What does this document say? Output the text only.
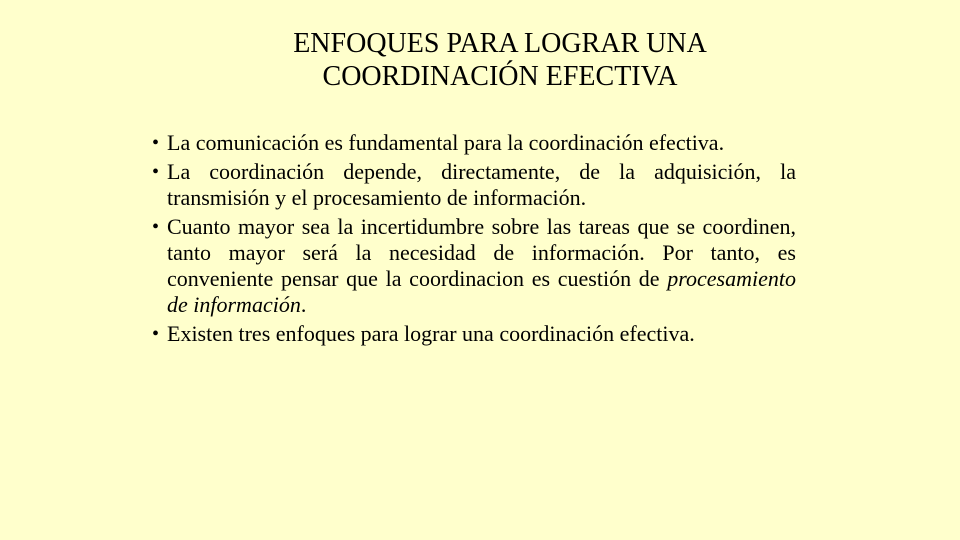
ENFOQUES PARA LOGRAR UNA
COORDINACIÓN EFECTIVA
• La comunicación es fundamental para la coordinación efectiva.
• La coordinación depende, directamente, de la adquisición, la transmisión y el procesamiento de información.
• Cuanto mayor sea la incertidumbre sobre las tareas que se coordinen, tanto mayor será la necesidad de información. Por tanto, es conveniente pensar que la coordinacion es cuestión de procesamiento de información.
• Existen tres enfoques para lograr una coordinación efectiva.
